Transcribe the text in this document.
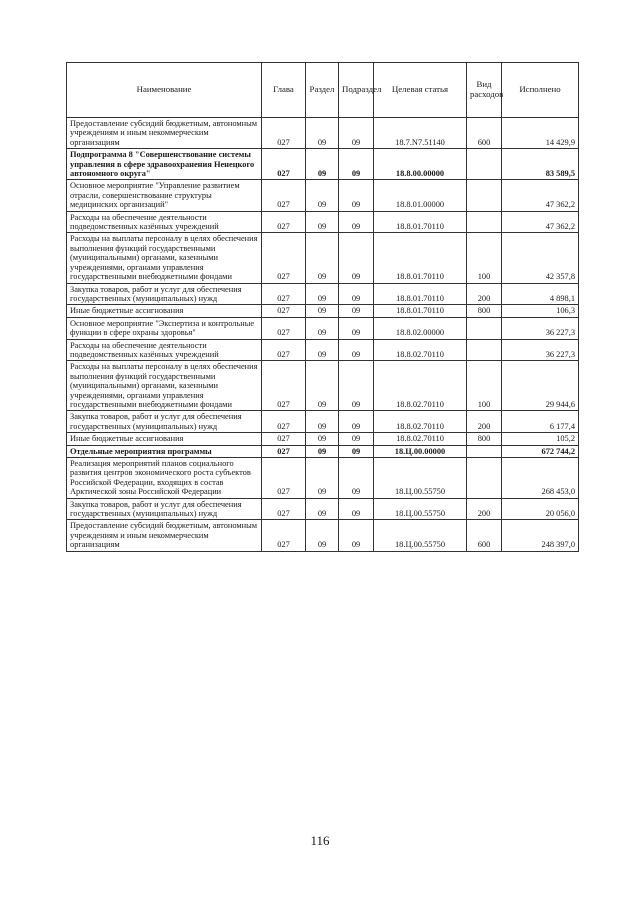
Наименование	Глава	Раздел	Подраздел	Целевая статья	Вид расходов	Исполнено
Предоставление субсидий бюджетным, автономным учреждениям и иным некоммерческим организациям	027	09	09	18.7.N7.51140	600	14 429,9
Подпрограмма 8 "Совершенствование системы управления в сфере здравоохранения Ненецкого автономного округа"	027	09	09	18.8.00.00000		83 589,5
Основное мероприятие "Управление развитием отрасли, совершенствование структуры медицинских организаций"	027	09	09	18.8.01.00000		47 362,2
Расходы на обеспечение деятельности подведомственных казённых учреждений	027	09	09	18.8.01.70110		47 362,2
Расходы на выплаты персоналу в целях обеспечения выполнения функций государственными (муниципальными) органами, казенными учреждениями, органами управления государственными внебюджетными фондами	027	09	09	18.8.01.70110	100	42 357,8
Закупка товаров, работ и услуг для обеспечения государственных (муниципальных) нужд	027	09	09	18.8.01.70110	200	4 898,1
Иные бюджетные ассигнования	027	09	09	18.8.01.70110	800	106,3
Основное мероприятие "Экспертиза и контрольные функции в сфере охраны здоровья"	027	09	09	18.8.02.00000		36 227,3
Расходы на обеспечение деятельности подведомственных казённых учреждений	027	09	09	18.8.02.70110		36 227,3
Расходы на выплаты персоналу в целях обеспечения выполнения функций государственными (муниципальными) органами, казенными учреждениями, органами управления государственными внебюджетными фондами	027	09	09	18.8.02.70110	100	29 944,6
Закупка товаров, работ и услуг для обеспечения государственных (муниципальных) нужд	027	09	09	18.8.02.70110	200	6 177,4
Иные бюджетные ассигнования	027	09	09	18.8.02.70110	800	105,2
Отдельные мероприятия программы	027	09	09	18.Ц.00.00000		672 744,2
Реализация мероприятий планов социального развития центров экономического роста субъектов Российской Федерации, входящих в состав Арктической зоны Российской Федерации	027	09	09	18.Ц.00.55750		268 453,0
Закупка товаров, работ и услуг для обеспечения государственных (муниципальных) нужд	027	09	09	18.Ц.00.55750	200	20 056,0
Предоставление субсидий бюджетным, автономным учреждениям и иным некоммерческим организациям	027	09	09	18.Ц.00.55750	600	248 397,0
116
